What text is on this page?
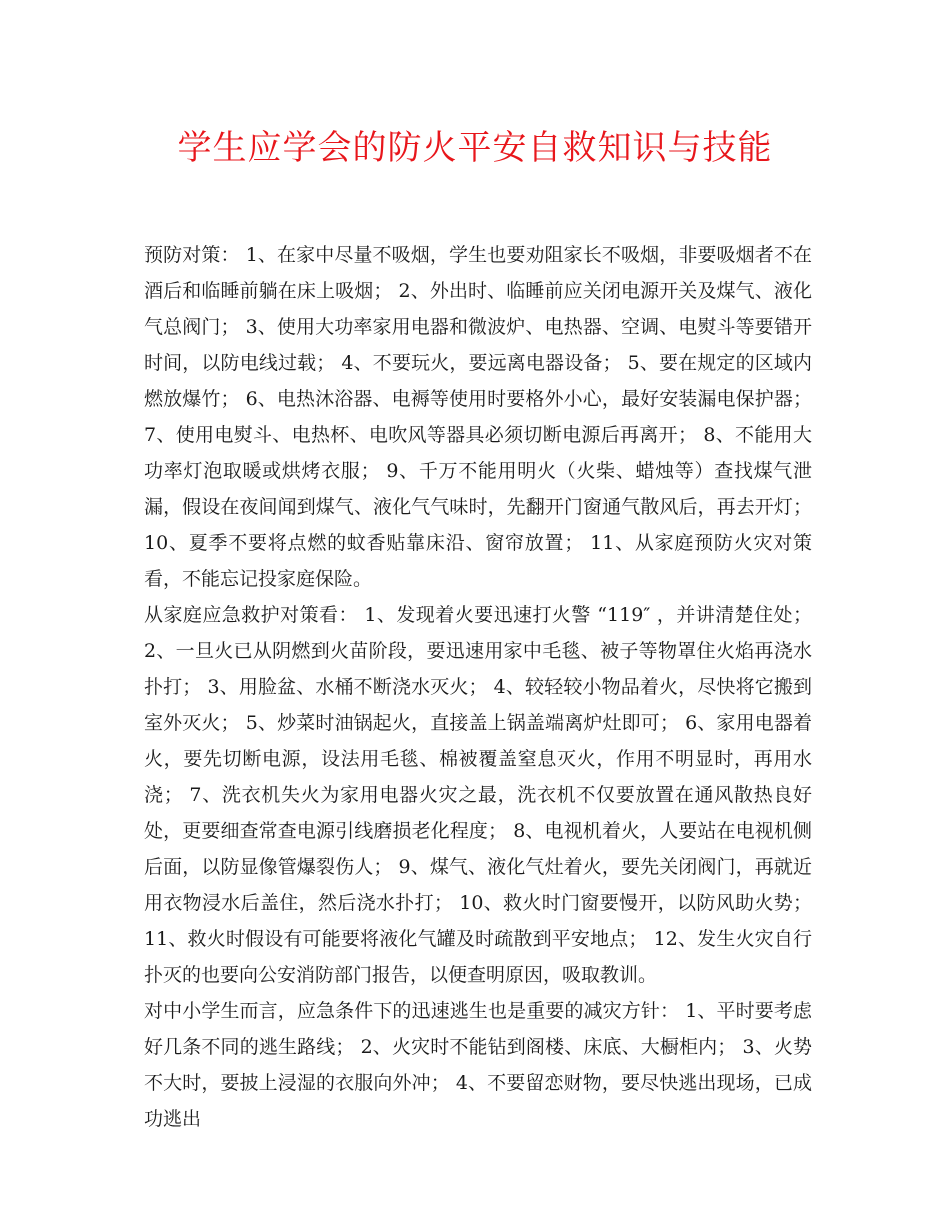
学生应学会的防火平安自救知识与技能

预防对策： 1、在家中尽量不吸烟，学生也要劝阻家长不吸烟，非要吸烟者不在酒后和临睡前躺在床上吸烟； 2、外出时、临睡前应关闭电源开关及煤气、液化气总阀门； 3、使用大功率家用电器和微波炉、电热器、空调、电熨斗等要错开时间，以防电线过载； 4、不要玩火，要远离电器设备； 5、要在规定的区域内燃放爆竹； 6、电热沐浴器、电褥等使用时要格外小心，最好安装漏电保护器； 7、使用电熨斗、电热杯、电吹风等器具必须切断电源后再离开； 8、不能用大功率灯泡取暖或烘烤衣服； 9、千万不能用明火（火柴、蜡烛等）查找煤气泄漏，假设在夜间闻到煤气、液化气气味时，先翻开门窗通气散风后，再去开灯； 10、夏季不要将点燃的蚊香贴靠床沿、窗帘放置； 11、从家庭预防火灾对策看，不能忘记投家庭保险。

从家庭应急救护对策看： 1、发现着火要迅速打火警 “119″ ，并讲清楚住处； 2、一旦火已从阴燃到火苗阶段，要迅速用家中毛毯、被子等物罩住火焰再浇水扑打； 3、用脸盆、水桶不断浇水灭火； 4、较轻较小物品着火，尽快将它搬到室外灭火； 5、炒菜时油锅起火，直接盖上锅盖端离炉灶即可； 6、家用电器着火，要先切断电源，设法用毛毯、棉被覆盖窒息灭火，作用不明显时，再用水浇； 7、洗衣机失火为家用电器火灾之最，洗衣机不仅要放置在通风散热良好处，更要细查常查电源引线磨损老化程度； 8、电视机着火，人要站在电视机侧后面，以防显像管爆裂伤人； 9、煤气、液化气灶着火，要先关闭阀门，再就近用衣物浸水后盖住，然后浇水扑打； 10、救火时门窗要慢开，以防风助火势； 11、救火时假设有可能要将液化气罐及时疏散到平安地点； 12、发生火灾自行扑灭的也要向公安消防部门报告，以便查明原因，吸取教训。

对中小学生而言，应急条件下的迅速逃生也是重要的减灾方针： 1、平时要考虑好几条不同的逃生路线； 2、火灾时不能钻到阁楼、床底、大橱柜内； 3、火势不大时，要披上浸湿的衣服向外冲； 4、不要留恋财物，要尽快逃出现场，已成功逃出
